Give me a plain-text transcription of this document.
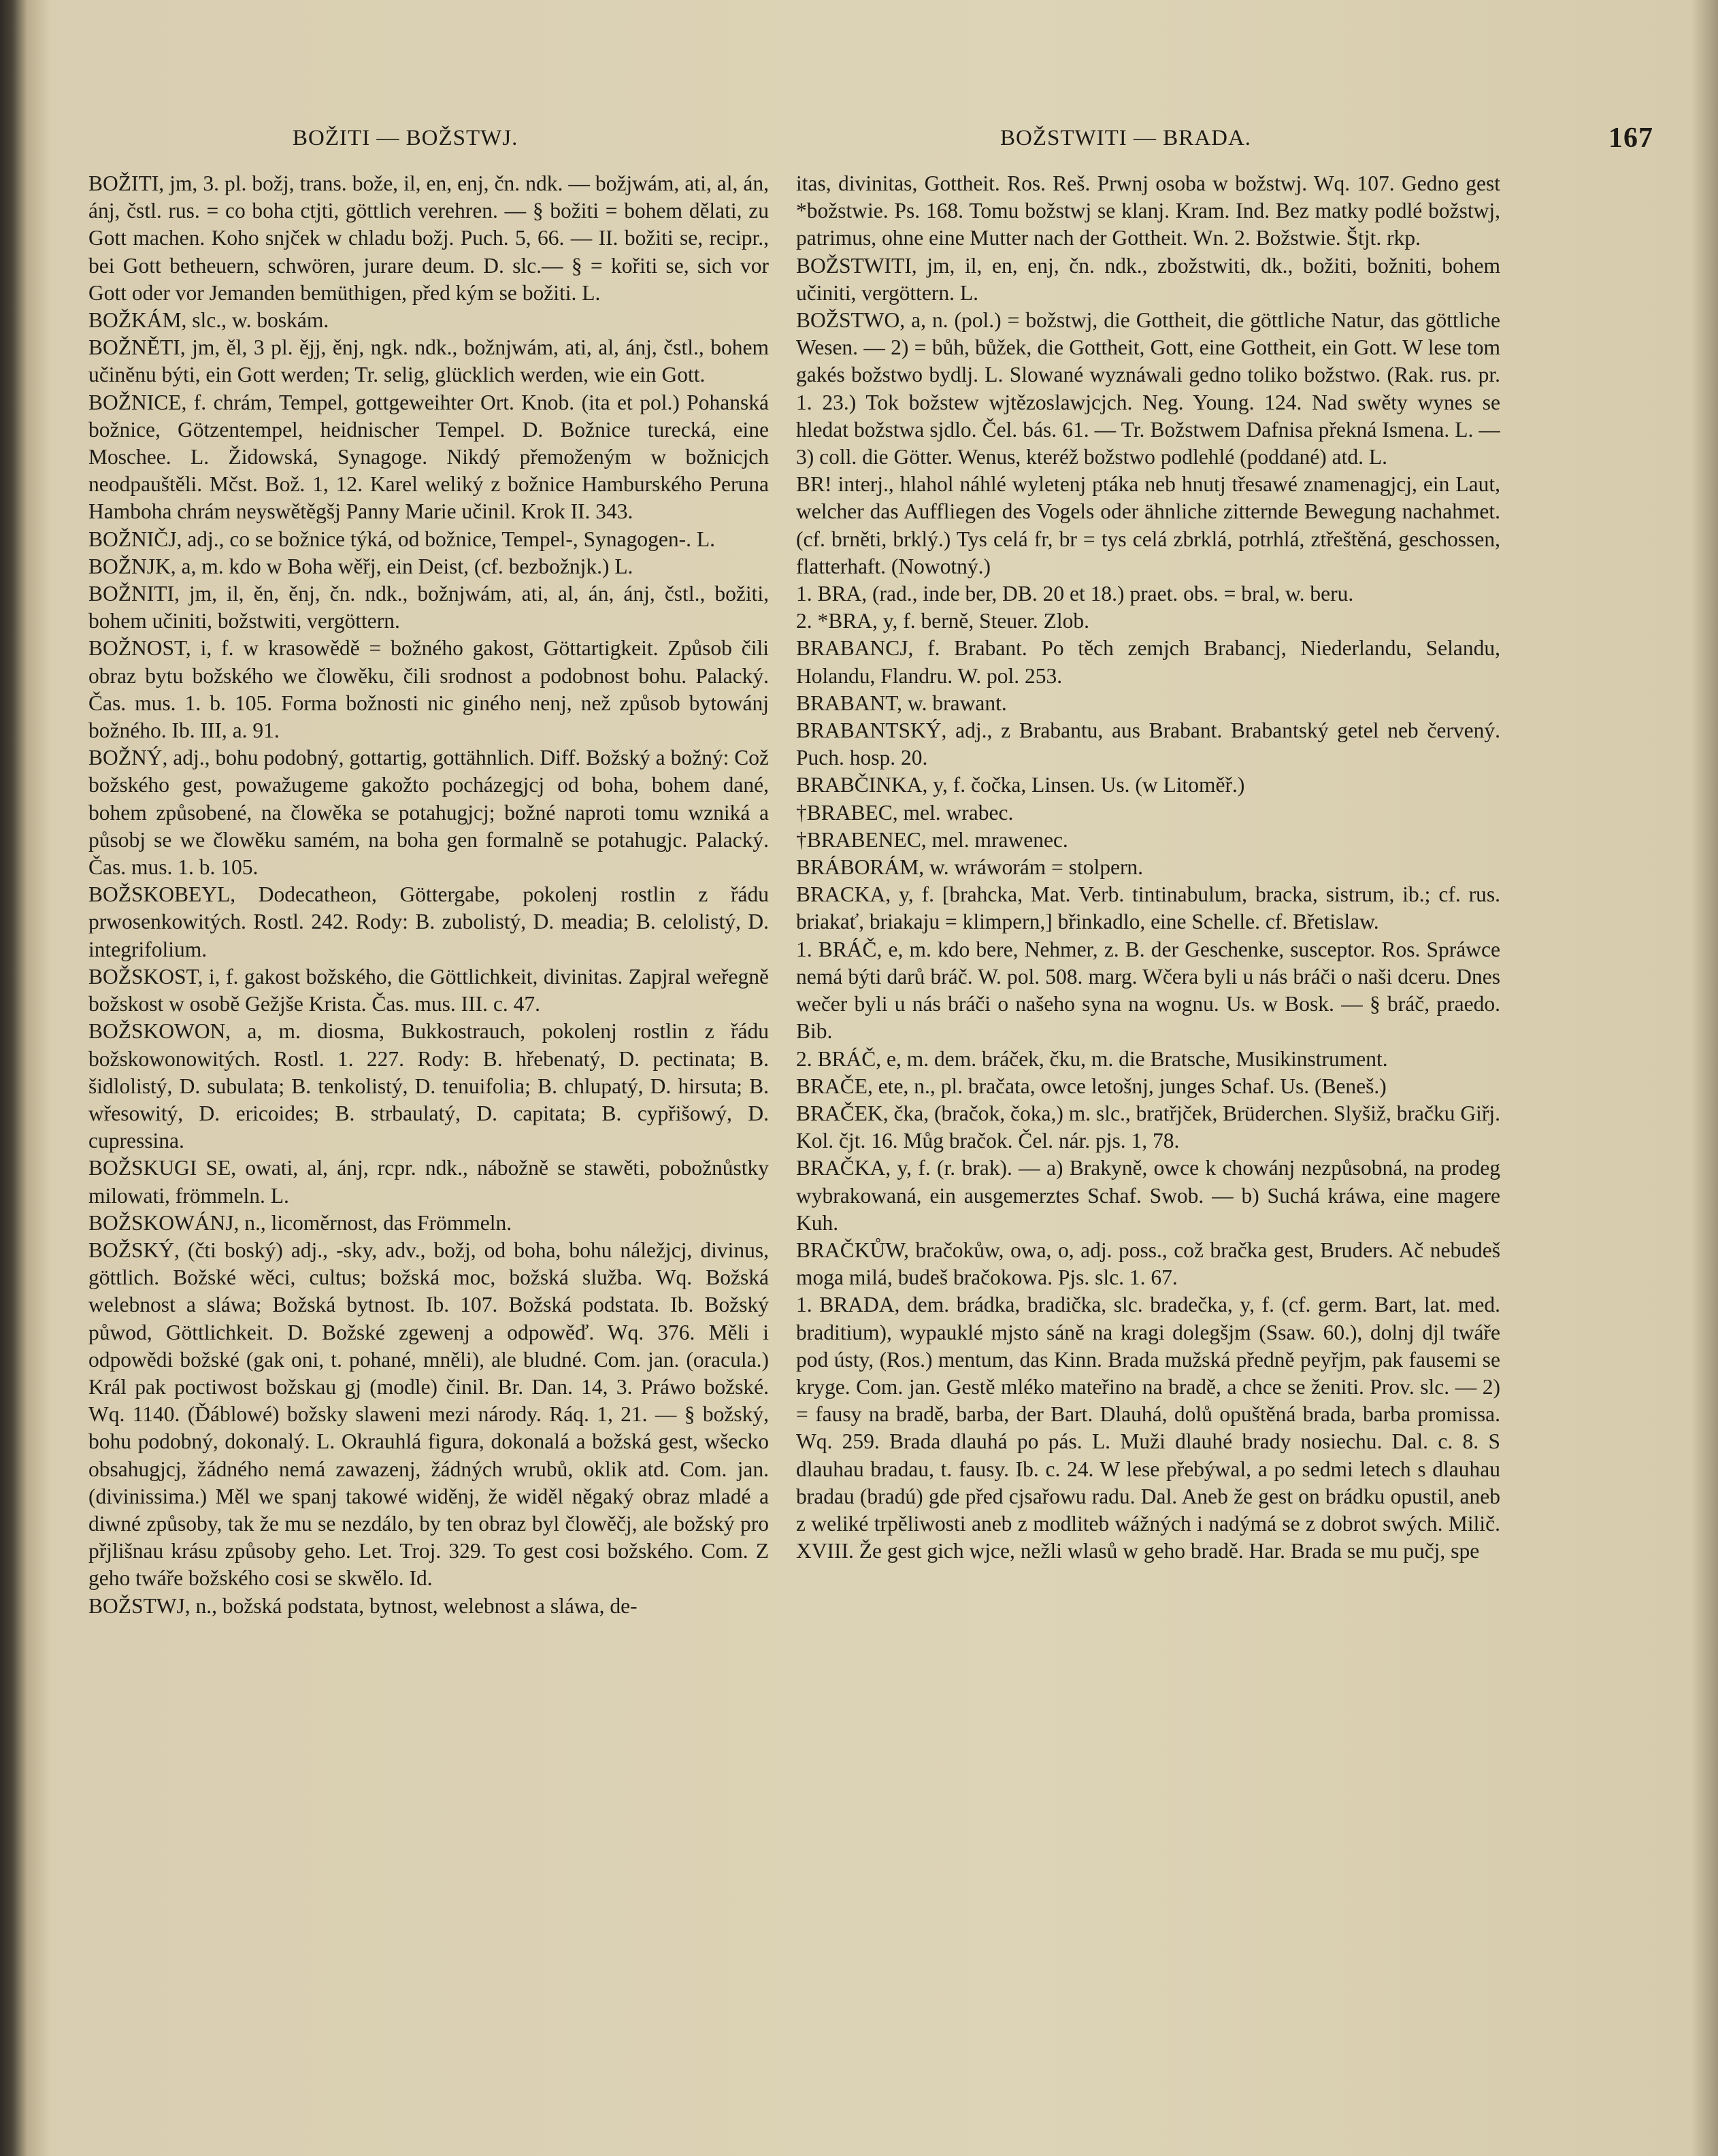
BOŽITI — BOŽSTWJ.	BOŽSTWITI — BRADA.	167

BOŽITI, jm, 3. pl. božj, trans. bože, il, en, enj, čn. ndk. — božjwám, ati, al, án, ánj, čstl. rus. = co boha ctjti, göttlich verehren. — § božiti = bohem dělati, zu Gott machen. Koho snjček w chladu božj. Puch. 5, 66. — II. božiti se, recipr., bei Gott betheuern, schwören, jurare deum. D. slc.— § = kořiti se, sich vor Gott oder vor Jemanden bemüthigen, před kým se božiti. L.

BOŽKÁM, slc., w. boskám.

BOŽNĚTI, jm, ěl, 3 pl. ějj, ěnj, ngk. ndk., božnjwám, ati, al, ánj, čstl., bohem učiněnu býti, ein Gott werden; Tr. selig, glücklich werden, wie ein Gott.

BOŽNICE, f. chrám, Tempel, gottgeweihter Ort. Knob. (ita et pol.) Pohanská božnice, Götzentempel, heidnischer Tempel. D. Božnice turecká, eine Moschee. L. Židowská, Synagoge. Nikdý přemoženým w božnicjch neodpauštěli. Mčst. Bož. 1, 12. Karel weliký z božnice Hamburského Peruna Hamboha chrám neyswětěgšj Panny Marie učinil. Krok II. 343.

BOŽNIČJ, adj., co se božnice týká, od božnice, Tempel-, Synagogen-. L.

BOŽNJK, a, m. kdo w Boha wěřj, ein Deist, (cf. bezbožnjk.) L.

BOŽNITI, jm, il, ěn, ěnj, čn. ndk., božnjwám, ati, al, án, ánj, čstl., božiti, bohem učiniti, božstwiti, vergöttern.

BOŽNOST, i, f. w krasowědě = božného gakost, Göttartigkeit. Způsob čili obraz bytu božského we člowěku, čili srodnost a podobnost bohu. Palacký. Čas. mus. 1. b. 105. Forma božnosti nic giného nenj, než způsob bytowánj božného. Ib. III, a. 91.

BOŽNÝ, adj., bohu podobný, gottartig, gottähnlich. Diff. Božský a božný: Což božského gest, powažugeme gakožto pocházegjcj od boha, bohem dané, bohem způsobené, na člowěka se potahugjcj; božné naproti tomu wzniká a působj se we člowěku samém, na boha gen formalně se potahugjc. Palacký. Čas. mus. 1. b. 105.

BOŽSKOBEYL, Dodecatheon, Göttergabe, pokolenj rostlin z řádu prwosenkowitých. Rostl. 242. Rody: B. zubolistý, D. meadia; B. celolistý, D. integrifolium.

BOŽSKOST, i, f. gakost božského, die Göttlichkeit, divinitas. Zapjral weřegně božskost w osobě Gežjše Krista. Čas. mus. III. c. 47.

BOŽSKOWON, a, m. diosma, Bukkostrauch, pokolenj rostlin z řádu božskowonowitých. Rostl. 1. 227. Rody: B. hřebenatý, D. pectinata; B. šidlolistý, D. subulata; B. tenkolistý, D. tenuifolia; B. chlupatý, D. hirsuta; B. wřesowitý, D. ericoides; B. strbaulatý, D. capitata; B. cypřišowý, D. cupressina.

BOŽSKUGI SE, owati, al, ánj, rcpr. ndk., nábožně se stawěti, pobožnůstky milowati, frömmeln. L.

BOŽSKOWÁNJ, n., licoměrnost, das Frömmeln.

BOŽSKÝ, (čti boský) adj., -sky, adv., božj, od boha, bohu náležjcj, divinus, göttlich. Božské wěci, cultus; božská moc, božská služba. Wq. Božská welebnost a sláwa; Božská bytnost. Ib. 107. Božská podstata. Ib. Božský půwod, Göttlichkeit. D. Božské zgewenj a odpowěď. Wq. 376. Měli i odpowědi božské (gak oni, t. pohané, mněli), ale bludné. Com. jan. (oracula.) Král pak poctiwost božskau gj (modle) činil. Br. Dan. 14, 3. Práwo božské. Wq. 1140. (Ďáblowé) božsky slaweni mezi národy. Ráq. 1, 21. — § božský, bohu podobný, dokonalý. L. Okrauhlá figura, dokonalá a božská gest, wšecko obsahugjcj, žádného nemá zawazenj, žádných wrubů, oklik atd. Com. jan. (divinissima.) Měl we spanj takowé widěnj, že widěl něgaký obraz mladé a diwné způsoby, tak že mu se nezdálo, by ten obraz byl člowěčj, ale božský pro přjlišnau krásu způsoby geho. Let. Troj. 329. To gest cosi božského. Com. Z geho twáře božského cosi se skwělo. Id.

BOŽSTWJ, n., božská podstata, bytnost, welebnost a sláwa, de-

itas, divinitas, Gottheit. Ros. Reš. Prwnj osoba w božstwj. Wq. 107. Gedno gest *božstwie. Ps. 168. Tomu božstwj se klanj. Kram. Ind. Bez matky podlé božstwj, patrimus, ohne eine Mutter nach der Gottheit. Wn. 2. Božstwie. Štjt. rkp.

BOŽSTWITI, jm, il, en, enj, čn. ndk., zbožstwiti, dk., božiti, božniti, bohem učiniti, vergöttern. L.

BOŽSTWO, a, n. (pol.) = božstwj, die Gottheit, die göttliche Natur, das göttliche Wesen. — 2) = bůh, bůžek, die Gottheit, Gott, eine Gottheit, ein Gott. W lese tom gakés božstwo bydlj. L. Slowané wyznáwali gedno toliko božstwo. (Rak. rus. pr. 1. 23.) Tok božstew wjtězoslawjcjch. Neg. Young. 124. Nad swěty wynes se hledat božstwa sjdlo. Čel. bás. 61. — Tr. Božstwem Dafnisa překná Ismena. L. — 3) coll. die Götter. Wenus, kteréž božstwo podlehlé (poddané) atd. L.

BR! interj., hlahol náhlé wyletenj ptáka neb hnutj třesawé znamenagjcj, ein Laut, welcher das Auffliegen des Vogels oder ähnliche zitternde Bewegung nachahmet. (cf. brněti, brklý.) Tys celá fr, br = tys celá zbrklá, potrhlá, ztřeštěná, geschossen, flatterhaft. (Nowotný.)

1. BRA, (rad., inde ber, DB. 20 et 18.) praet. obs. = bral, w. beru.

2. *BRA, y, f. berně, Steuer. Zlob.

BRABANCJ, f. Brabant. Po těch zemjch Brabancj, Niederlandu, Selandu, Holandu, Flandru. W. pol. 253.

BRABANT, w. brawant.

BRABANTSKÝ, adj., z Brabantu, aus Brabant. Brabantský getel neb červený. Puch. hosp. 20.

BRABČINKA, y, f. čočka, Linsen. Us. (w Litoměř.)

†BRABEC, mel. wrabec.

†BRABENEC, mel. mrawenec.

BRÁBORÁM, w. wráworám = stolpern.

BRACKA, y, f. [brahcka, Mat. Verb. tintinabulum, bracka, sistrum, ib.; cf. rus. briakať, briakaju = klimpern,] břinkadlo, eine Schelle. cf. Břetislaw.

1. BRÁČ, e, m. kdo bere, Nehmer, z. B. der Geschenke, susceptor. Ros. Spráwce nemá býti darů bráč. W. pol. 508. marg. Wčera byli u nás bráči o naši dceru. Dnes wečer byli u nás bráči o našeho syna na wognu. Us. w Bosk. — § bráč, praedo. Bib.

2. BRÁČ, e, m. dem. bráček, čku, m. die Bratsche, Musikinstrument.

BRAČE, ete, n., pl. bračata, owce letošnj, junges Schaf. Us. (Beneš.)

BRAČEK, čka, (bračok, čoka,) m. slc., bratřjček, Brüderchen. Slyšiž, bračku Giřj. Kol. čjt. 16. Můg bračok. Čel. nár. pjs. 1, 78.

BRAČKA, y, f. (r. brak). — a) Brakyně, owce k chowánj nezpůsobná, na prodeg wybrakowaná, ein ausgemerztes Schaf. Swob. — b) Suchá kráwa, eine magere Kuh.

BRAČKŮW, bračokůw, owa, o, adj. poss., což bračka gest, Bruders. Ač nebudeš moga milá, budeš bračokowa. Pjs. slc. 1. 67.

1. BRADA, dem. brádka, bradička, slc. bradečka, y, f. (cf. germ. Bart, lat. med. braditium), wypauklé mjsto sáně na kragi dolegšjm (Ssaw. 60.), dolnj djl twáře pod ústy, (Ros.) mentum, das Kinn. Brada mužská předně peyřjm, pak fausemi se kryge. Com. jan. Gestě mléko mateřino na bradě, a chce se ženiti. Prov. slc. — 2) = fausy na bradě, barba, der Bart. Dlauhá, dolů opuštěná brada, barba promissa. Wq. 259. Brada dlauhá po pás. L. Muži dlauhé brady nosiechu. Dal. c. 8. S dlauhau bradau, t. fausy. Ib. c. 24. W lese přebýwal, a po sedmi letech s dlauhau bradau (bradú) gde před cjsařowu radu. Dal. Aneb že gest on brádku opustil, aneb z weliké trpěliwosti aneb z modliteb wážných i nadýmá se z dobrot swých. Milič. XVIII. Že gest gich wjce, nežli wlasů w geho bradě. Har. Brada se mu pučj, spe
